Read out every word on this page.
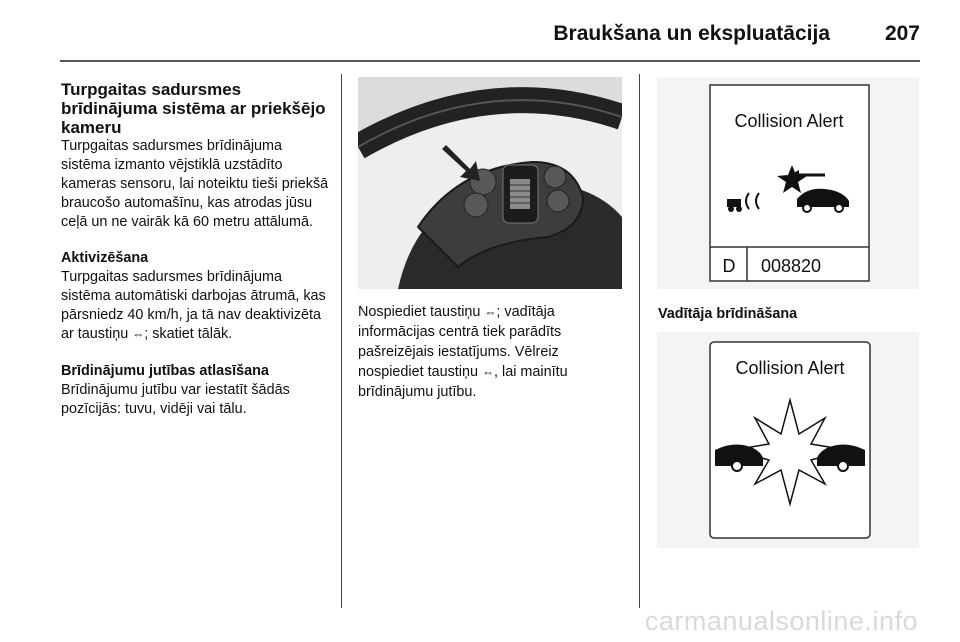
Braukšana un ekspluatācija	207
Turpgaitas sadursmes brīdinājuma sistēma ar priekšējo kameru

Turpgaitas sadursmes brīdinājuma sistēma izmanto vējstiklā uzstādīto kameras sensoru, lai noteiktu tieši priekšā braucošo automašīnu, kas atrodas jūsu ceļā un ne vairāk kā 60 metru attālumā.

Aktivizēšana

Turpgaitas sadursmes brīdinājuma sistēma automātiski darbojas ātrumā, kas pārsniedz 40 km/h, ja tā nav deaktivizēta ar taustiņu ⇔; skatiet tālāk.

Brīdinājumu jutības atlasīšana

Brīdinājumu jutību var iestatīt šādās pozīcijās: tuvu, vidēji vai tālu.

Nospiediet taustiņu ⇔; vadītāja informācijas centrā tiek parādīts pašreizējais iestatījums. Vēlreiz nospiediet taustiņu ⇔, lai mainītu brīdinājumu jutību.
Collision Alert
D 008820
Vadītāja brīdināšana
Collision Alert
carmanualsonline.info
